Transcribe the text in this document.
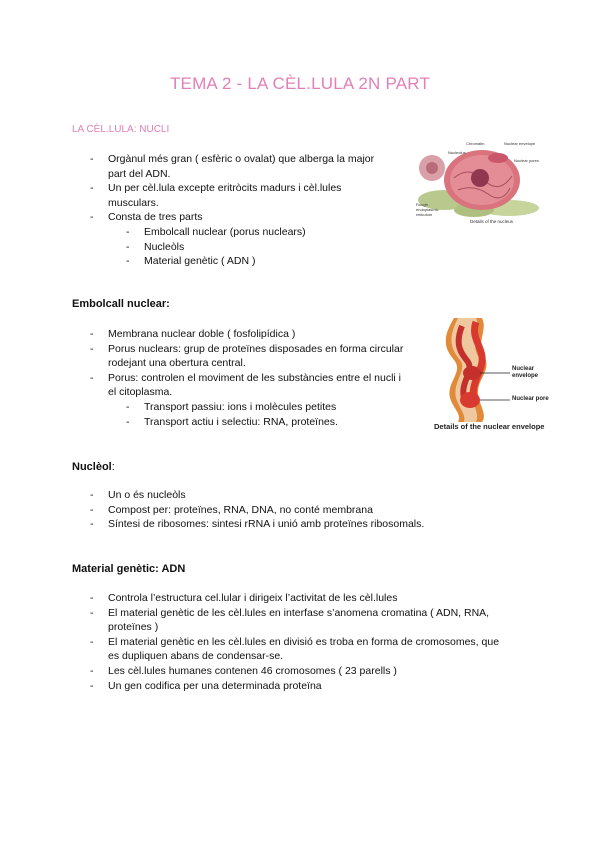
TEMA 2 - LA CÈL.LULA 2N PART
LA CÈL.LULA: NUCLI
- Orgànul més gran ( esfèric o ovalat) que alberga la major
part del ADN.
- Un per cèl.lula excepte eritròcits madurs i cèl.lules
musculars.
- Consta de tres parts
- Embolcall nuclear (porus nuclears)
- Nucleòls
- Material genètic ( ADN )
Chromatin
Nucleolus
Nuclear envelope
Nuclear pores
Rough endoplasmic reticulum
Details of the nucleus
Embolcall nuclear:
- Membrana nuclear doble ( fosfolipídica )
- Porus nuclears: grup de proteïnes disposades en forma circular
rodejant una obertura central.
- Porus: controlen el moviment de les substàncies entre el nucli i
el citoplasma.
- Transport passiu: ions i molècules petites
- Transport actiu i selectiu: RNA, proteïnes.
Nuclear envelope
Nuclear pore
Details of the nuclear envelope
Nuclèol:
- Un o és nucleòls
- Compost per: proteïnes, RNA, DNA, no conté membrana
- Síntesi de ribosomes: sintesi rRNA i unió amb proteïnes ribosomals.
Material genètic: ADN
- Controla l’estructura cel.lular i dirigeix l’activitat de les cèl.lules
- El material genètic de les cèl.lules en interfase s’anomena cromatina ( ADN, RNA,
proteïnes )
- El material genètic en les cèl.lules en divisió es troba en forma de cromosomes, que
es dupliquen abans de condensar-se.
- Les cèl.lules humanes contenen 46 cromosomes ( 23 parells )
- Un gen codifica per una determinada proteïna
